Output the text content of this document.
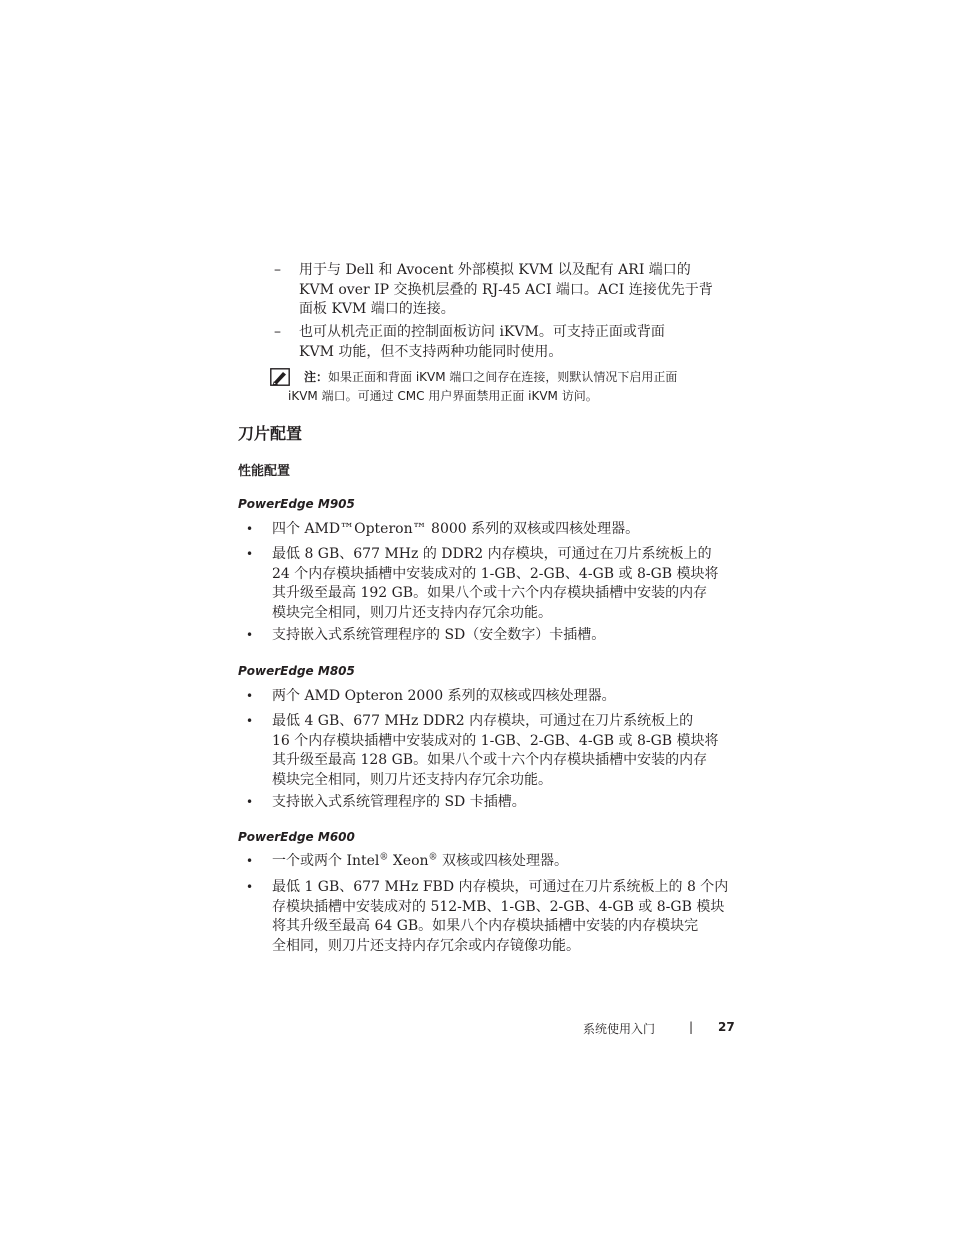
– 用于与 Dell 和 Avocent 外部模拟 KVM 以及配有 ARI 端口的
KVM over IP 交换机层叠的 RJ-45 ACI 端口。ACI 连接优先于背
面板 KVM 端口的连接。
– 也可从机壳正面的控制面板访问 iKVM。可支持正面或背面
KVM 功能，但不支持两种功能同时使用。
注：如果正面和背面 iKVM 端口之间存在连接，则默认情况下启用正面
iKVM 端口。可通过 CMC 用户界面禁用正面 iKVM 访问。
刀片配置
性能配置
PowerEdge M905
• 四个 AMD™Opteron™ 8000 系列的双核或四核处理器。
• 最低 8 GB、677 MHz 的 DDR2 内存模块，可通过在刀片系统板上的
24 个内存模块插槽中安装成对的 1-GB、2-GB、4-GB 或 8-GB 模块将
其升级至最高 192 GB。如果八个或十六个内存模块插槽中安装的内存
模块完全相同，则刀片还支持内存冗余功能。
• 支持嵌入式系统管理程序的 SD（安全数字）卡插槽。
PowerEdge M805
• 两个 AMD Opteron 2000 系列的双核或四核处理器。
• 最低 4 GB、677 MHz DDR2 内存模块，可通过在刀片系统板上的
16 个内存模块插槽中安装成对的 1-GB、2-GB、4-GB 或 8-GB 模块将
其升级至最高 128 GB。如果八个或十六个内存模块插槽中安装的内存
模块完全相同，则刀片还支持内存冗余功能。
• 支持嵌入式系统管理程序的 SD 卡插槽。
PowerEdge M600
• 一个或两个 Intel® Xeon® 双核或四核处理器。
• 最低 1 GB、677 MHz FBD 内存模块，可通过在刀片系统板上的 8 个内
存模块插槽中安装成对的 512-MB、1-GB、2-GB、4-GB 或 8-GB 模块
将其升级至最高 64 GB。如果八个内存模块插槽中安装的内存模块完
全相同，则刀片还支持内存冗余或内存镜像功能。
系统使用入门	| 27
